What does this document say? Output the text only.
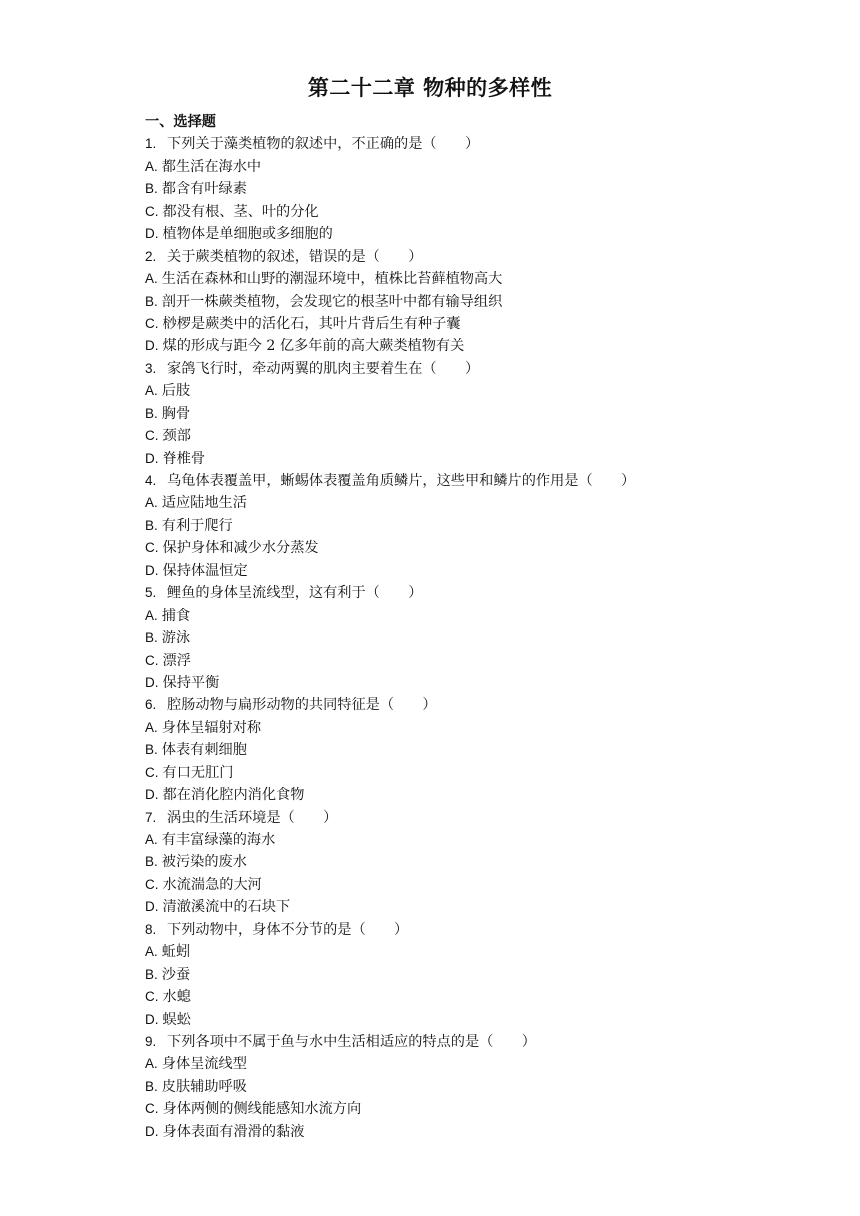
第二十二章 物种的多样性
一、选择题
1. 下列关于藻类植物的叙述中，不正确的是（　　）
A. 都生活在海水中
B. 都含有叶绿素
C. 都没有根、茎、叶的分化
D. 植物体是单细胞或多细胞的
2. 关于蕨类植物的叙述，错误的是（　　）
A. 生活在森林和山野的潮湿环境中，植株比苔藓植物高大
B. 剖开一株蕨类植物，会发现它的根茎叶中都有输导组织
C. 桫椤是蕨类中的活化石，其叶片背后生有种子囊
D. 煤的形成与距今 2 亿多年前的高大蕨类植物有关
3. 家鸽飞行时，牵动两翼的肌肉主要着生在（　　）
A. 后肢
B. 胸骨
C. 颈部
D. 脊椎骨
4. 乌龟体表覆盖甲，蜥蜴体表覆盖角质鳞片，这些甲和鳞片的作用是（　　）
A. 适应陆地生活
B. 有利于爬行
C. 保护身体和减少水分蒸发
D. 保持体温恒定
5. 鲤鱼的身体呈流线型，这有利于（　　）
A. 捕食
B. 游泳
C. 漂浮
D. 保持平衡
6. 腔肠动物与扁形动物的共同特征是（　　）
A. 身体呈辐射对称
B. 体表有刺细胞
C. 有口无肛门
D. 都在消化腔内消化食物
7. 涡虫的生活环境是（　　）
A. 有丰富绿藻的海水
B. 被污染的废水
C. 水流湍急的大河
D. 清澈溪流中的石块下
8. 下列动物中，身体不分节的是（　　）
A. 蚯蚓
B. 沙蚕
C. 水螅
D. 蜈蚣
9. 下列各项中不属于鱼与水中生活相适应的特点的是（　　）
A. 身体呈流线型
B. 皮肤辅助呼吸
C. 身体两侧的侧线能感知水流方向
D. 身体表面有滑滑的黏液
